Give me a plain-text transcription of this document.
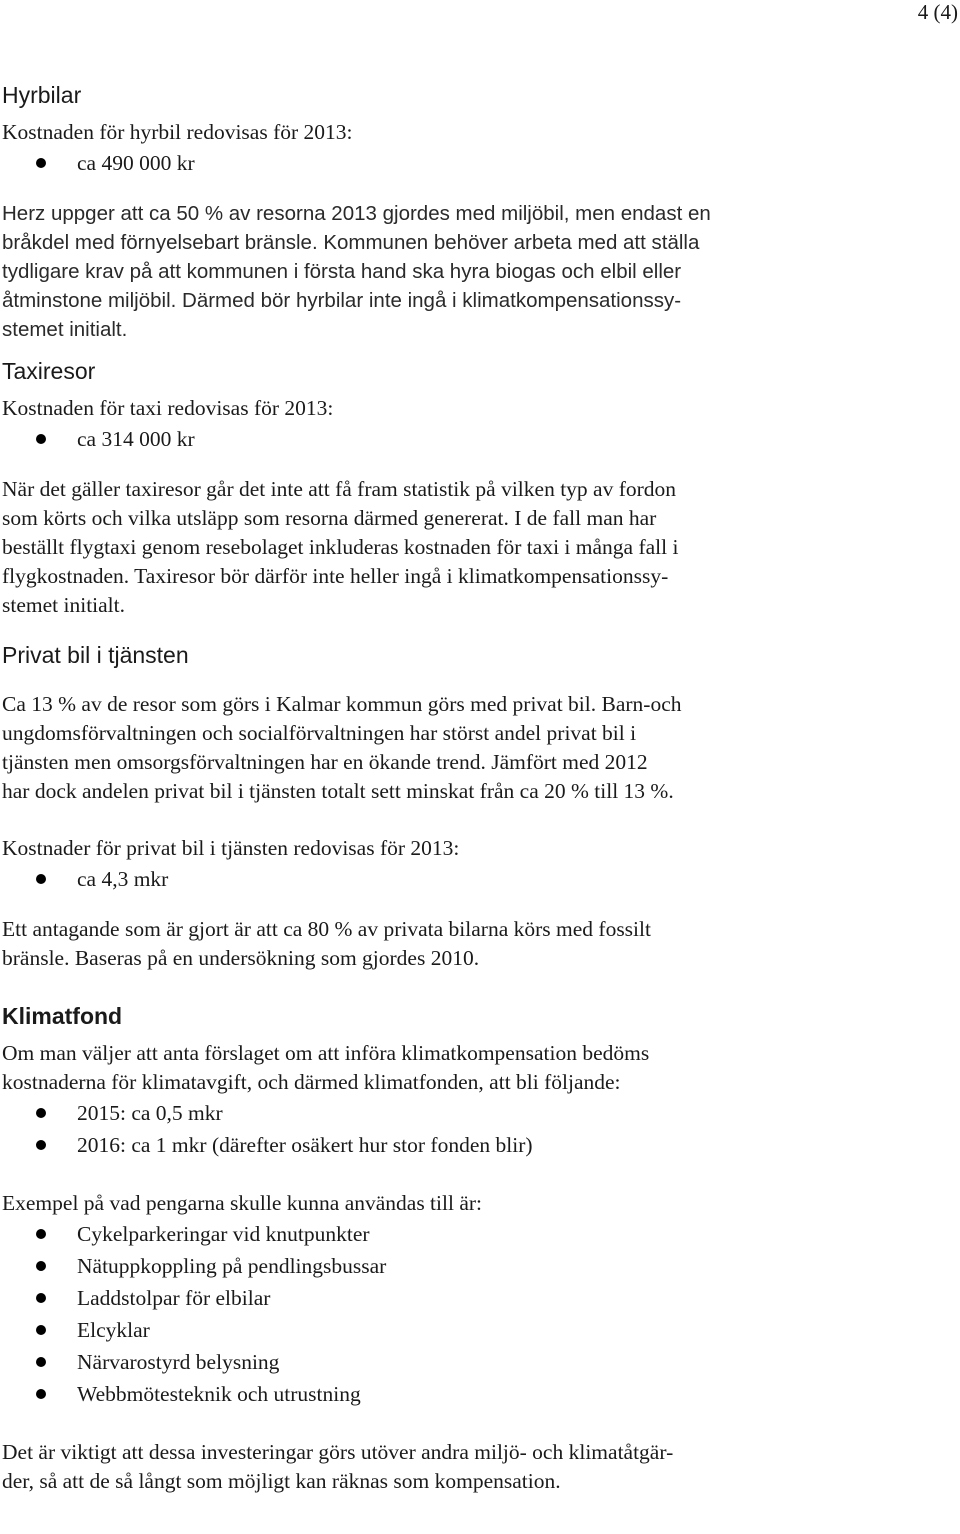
4 (4)
Hyrbilar

Kostnaden för hyrbil redovisas för 2013:

ca 490 000 kr

Herz uppger att ca 50 % av resorna 2013 gjordes med miljöbil, men endast en

bråkdel med förnyelsebart bränsle. Kommunen behöver arbeta med att ställa

tydligare krav på att kommunen i första hand ska hyra biogas och elbil eller

åtminstone miljöbil. Därmed bör hyrbilar inte ingå i klimatkompensationssy-

stemet initialt.

Taxiresor

Kostnaden för taxi redovisas för 2013:

ca 314 000 kr

När det gäller taxiresor går det inte att få fram statistik på vilken typ av fordon

som körts och vilka utsläpp som resorna därmed genererat. I de fall man har

beställt flygtaxi genom resebolaget inkluderas kostnaden för taxi i många fall i

flygkostnaden. Taxiresor bör därför inte heller ingå i klimatkompensationssy-

stemet initialt.

Privat bil i tjänsten

Ca 13 % av de resor som görs i Kalmar kommun görs med privat bil. Barn-och

ungdomsförvaltningen och socialförvaltningen har störst andel privat bil i

tjänsten men omsorgsförvaltningen har en ökande trend. Jämfört med 2012

har dock andelen privat bil i tjänsten totalt sett minskat från ca 20 % till 13 %.

Kostnader för privat bil i tjänsten redovisas för 2013:

ca 4,3 mkr

Ett antagande som är gjort är att ca 80 % av privata bilarna körs med fossilt

bränsle. Baseras på en undersökning som gjordes 2010.

Klimatfond

Om man väljer att anta förslaget om att införa klimatkompensation bedöms

kostnaderna för klimatavgift, och därmed klimatfonden, att bli följande:

2015: ca 0,5 mkr
2016: ca 1 mkr (därefter osäkert hur stor fonden blir)

Exempel på vad pengarna skulle kunna användas till är:

Cykelparkeringar vid knutpunkter
Nätuppkoppling på pendlingsbussar
Laddstolpar för elbilar
Elcyklar
Närvarostyrd belysning
Webbmötesteknik och utrustning

Det är viktigt att dessa investeringar görs utöver andra miljö- och klimatåtgär-

der, så att de så långt som möjligt kan räknas som kompensation.
